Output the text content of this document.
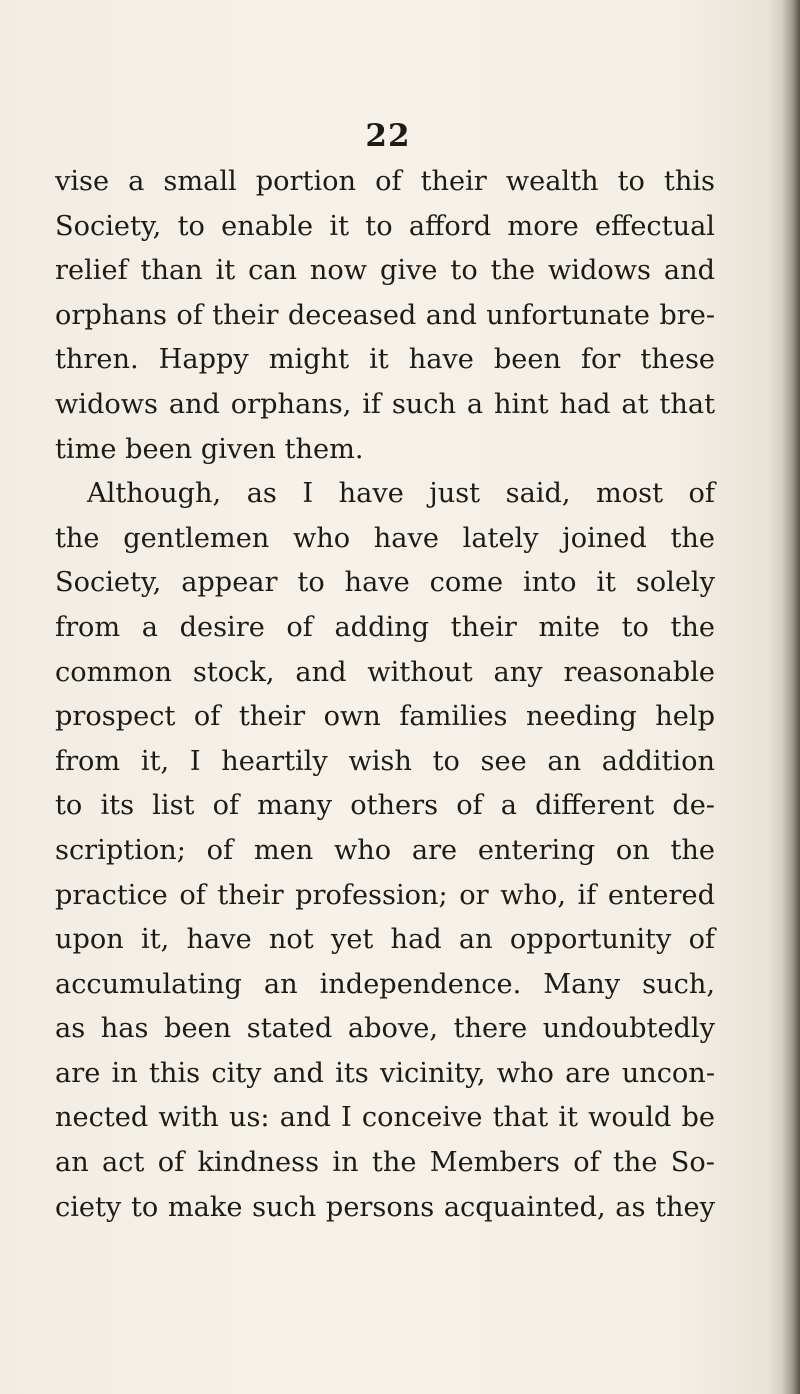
22
vise a small portion of their wealth to this
Society, to enable it to afford more effectual
relief than it can now give to the widows and
orphans of their deceased and unfortunate bre-
thren. Happy might it have been for these
widows and orphans, if such a hint had at that
time been given them.
Although, as I have just said, most of
the gentlemen who have lately joined the
Society, appear to have come into it solely
from a desire of adding their mite to the
common stock, and without any reasonable
prospect of their own families needing help
from it, I heartily wish to see an addition
to its list of many others of a different de-
scription; of men who are entering on the
practice of their profession; or who, if entered
upon it, have not yet had an opportunity of
accumulating an independence. Many such,
as has been stated above, there undoubtedly
are in this city and its vicinity, who are uncon-
nected with us: and I conceive that it would be
an act of kindness in the Members of the So-
ciety to make such persons acquainted, as they
